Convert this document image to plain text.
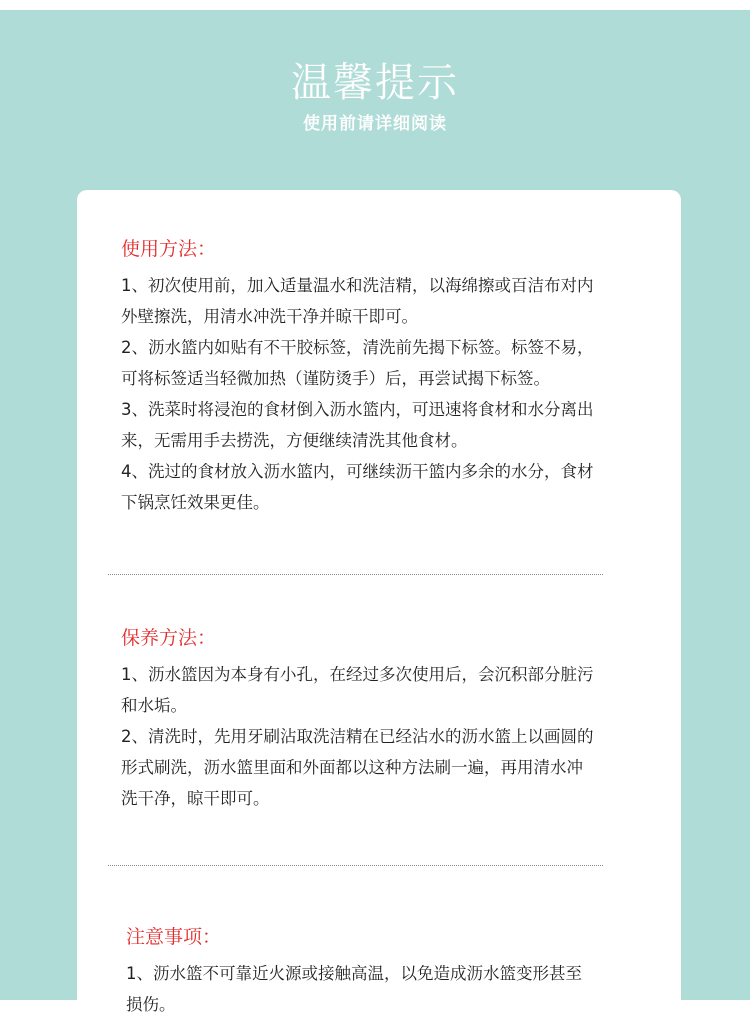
温馨提示
使用前请详细阅读
使用方法：

1、初次使用前，加入适量温水和洗洁精，以海绵擦或百洁布对内

外壁擦洗，用清水冲洗干净并晾干即可。

2、沥水篮内如贴有不干胶标签，清洗前先揭下标签。标签不易，

可将标签适当轻微加热（谨防烫手）后，再尝试揭下标签。

3、洗菜时将浸泡的食材倒入沥水篮内，可迅速将食材和水分离出

来，无需用手去捞洗，方便继续清洗其他食材。

4、洗过的食材放入沥水篮内，可继续沥干篮内多余的水分，食材

下锅烹饪效果更佳。

保养方法：

1、沥水篮因为本身有小孔，在经过多次使用后，会沉积部分脏污

和水垢。

2、清洗时，先用牙刷沾取洗洁精在已经沾水的沥水篮上以画圆的

形式刷洗，沥水篮里面和外面都以这种方法刷一遍，再用清水冲

洗干净，晾干即可。

注意事项：

1、沥水篮不可靠近火源或接触高温，以免造成沥水篮变形甚至

损伤。
